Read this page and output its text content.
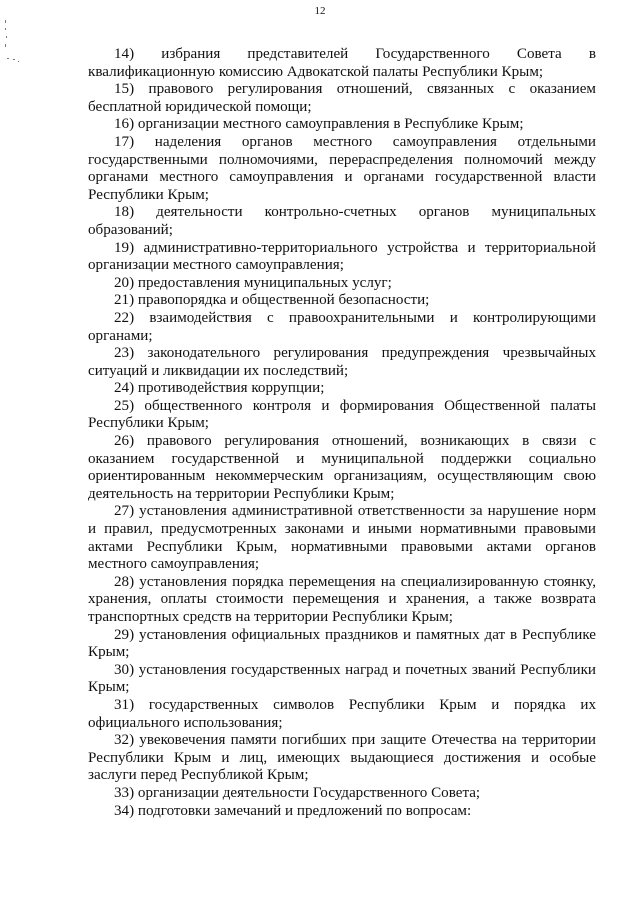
12

14) избрания представителей Государственного Совета в квалификационную комиссию Адвокатской палаты Республики Крым;

15) правового регулирования отношений, связанных с оказанием бесплатной юридической помощи;

16) организации местного самоуправления в Республике Крым;

17) наделения органов местного самоуправления отдельными государственными полномочиями, перераспределения полномочий между органами местного самоуправления и органами государственной власти Республики Крым;

18) деятельности контрольно-счетных органов муниципальных образований;

19) административно-территориального устройства и территориальной организации местного самоуправления;

20) предоставления муниципальных услуг;

21) правопорядка и общественной безопасности;

22) взаимодействия с правоохранительными и контролирующими органами;

23) законодательного регулирования предупреждения чрезвычайных ситуаций и ликвидации их последствий;

24) противодействия коррупции;

25) общественного контроля и формирования Общественной палаты Республики Крым;

26) правового регулирования отношений, возникающих в связи с оказанием государственной и муниципальной поддержки социально ориентированным некоммерческим организациям, осуществляющим свою деятельность на территории Республики Крым;

27) установления административной ответственности за нарушение норм и правил, предусмотренных законами и иными нормативными правовыми актами Республики Крым, нормативными правовыми актами органов местного самоуправления;

28) установления порядка перемещения на специализированную стоянку, хранения, оплаты стоимости перемещения и хранения, а также возврата транспортных средств на территории Республики Крым;

29) установления официальных праздников и памятных дат в Республике Крым;

30) установления государственных наград и почетных званий Республики Крым;

31) государственных символов Республики Крым и порядка их официального использования;

32) увековечения памяти погибших при защите Отечества на территории Республики Крым и лиц, имеющих выдающиеся достижения и особые заслуги перед Республикой Крым;

33) организации деятельности Государственного Совета;

34) подготовки замечаний и предложений по вопросам:
